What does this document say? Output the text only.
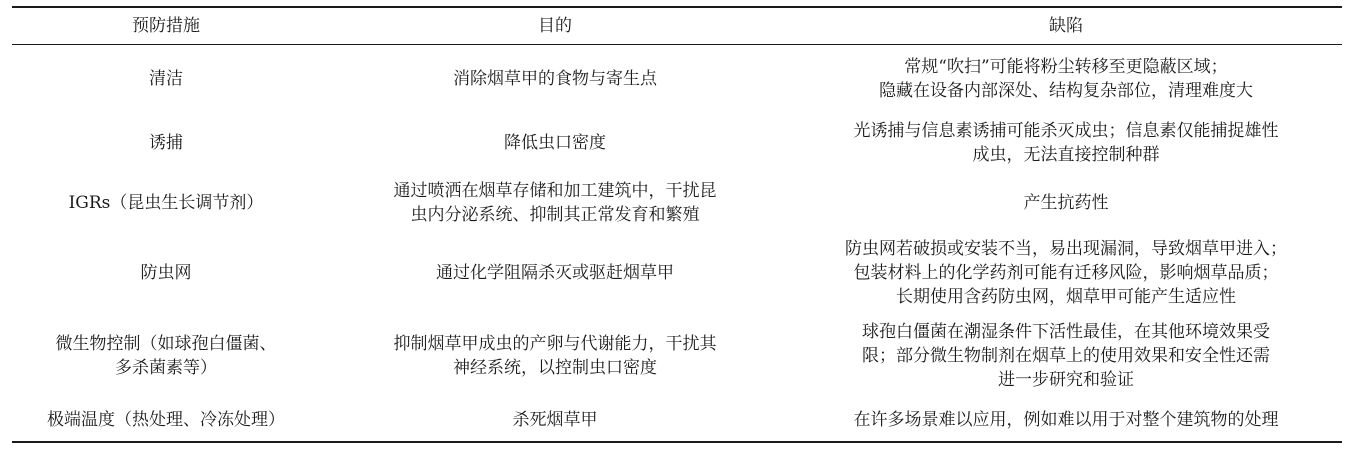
预防措施	目的	缺陷

清洁	消除烟草甲的食物与寄生点	常规“吹扫”可能将粉尘转移至更隐蔽区域；
隐藏在设备内部深处、结构复杂部位，清理难度大

诱捕	降低虫口密度	光诱捕与信息素诱捕可能杀灭成虫；信息素仅能捕捉雄性
成虫，无法直接控制种群

IGRs（昆虫生长调节剂）	通过喷洒在烟草存储和加工建筑中，干扰昆
虫内分泌系统、抑制其正常发育和繁殖	产生抗药性

防虫网	通过化学阻隔杀灭或驱赶烟草甲	防虫网若破损或安装不当，易出现漏洞，导致烟草甲进入；
包装材料上的化学药剂可能有迁移风险，影响烟草品质；
长期使用含药防虫网，烟草甲可能产生适应性

微生物控制（如球孢白僵菌、
多杀菌素等）	抑制烟草甲成虫的产卵与代谢能力，干扰其
神经系统，以控制虫口密度	球孢白僵菌在潮湿条件下活性最佳，在其他环境效果受
限；部分微生物制剂在烟草上的使用效果和安全性还需
进一步研究和验证

极端温度（热处理、冷冻处理）	杀死烟草甲	在许多场景难以应用，例如难以用于对整个建筑物的处理
